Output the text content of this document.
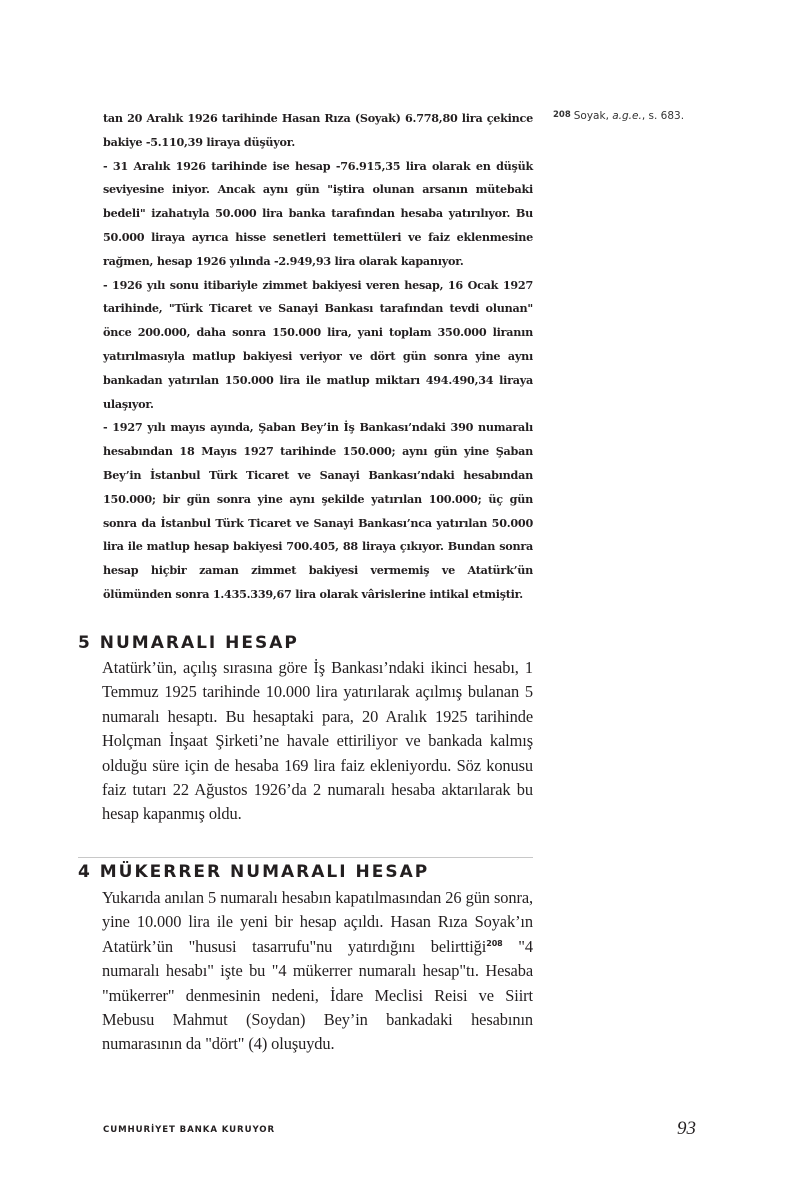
tan 20 Aralık 1926 tarihinde Hasan Rıza (Soyak) 6.778,80 lira çekince bakiye -5.110,39 liraya düşüyor.

- 31 Aralık 1926 tarihinde ise hesap -76.915,35 lira olarak en düşük seviyesine iniyor. Ancak aynı gün "iştira olunan arsanın mütebaki bedeli" izahatıyla 50.000 lira banka tarafından hesaba yatırılıyor. Bu 50.000 liraya ayrıca hisse senetleri temettüleri ve faiz eklenmesine rağmen, hesap 1926 yılında -2.949,93 lira olarak kapanıyor.

- 1926 yılı sonu itibariyle zimmet bakiyesi veren hesap, 16 Ocak 1927 tarihinde, "Türk Ticaret ve Sanayi Bankası tarafından tevdi olunan" önce 200.000, daha sonra 150.000 lira, yani toplam 350.000 liranın yatırılmasıyla matlup bakiyesi veriyor ve dört gün sonra yine aynı bankadan yatırılan 150.000 lira ile matlup miktarı 494.490,34 liraya ulaşıyor.

- 1927 yılı mayıs ayında, Şaban Bey’in İş Bankası’ndaki 390 numaralı hesabından 18 Mayıs 1927 tarihinde 150.000; aynı gün yine Şaban Bey’in İstanbul Türk Ticaret ve Sanayi Bankası’ndaki hesabından 150.000; bir gün sonra yine aynı şekilde yatırılan 100.000; üç gün sonra da İstanbul Türk Ticaret ve Sanayi Bankası’nca yatırılan 50.000 lira ile matlup hesap bakiyesi 700.405, 88 liraya çıkıyor. Bundan sonra hesap hiçbir zaman zimmet bakiyesi vermemiş ve Atatürk’ün ölümünden sonra 1.435.339,67 lira olarak vârislerine intikal etmiştir.

208 Soyak, a.g.e., s. 683.
5 NUMARALI HESAP

Atatürk’ün, açılış sırasına göre İş Bankası’ndaki ikinci hesabı, 1 Temmuz 1925 tarihinde 10.000 lira yatırılarak açılmış bulanan 5 numaralı hesaptı. Bu hesaptaki para, 20 Aralık 1925 tarihinde Holçman İnşaat Şirketi’ne havale ettiriliyor ve bankada kalmış olduğu süre için de hesaba 169 lira faiz ekleniyordu. Söz konusu faiz tutarı 22 Ağustos 1926’da 2 numaralı hesaba aktarılarak bu hesap kapanmış oldu.

4 MÜKERRER NUMARALI HESAP

Yukarıda anılan 5 numaralı hesabın kapatılmasından 26 gün sonra, yine 10.000 lira ile yeni bir hesap açıldı. Hasan Rıza Soyak’ın Atatürk’ün "hususi tasarrufu"nu yatırdığını belirttiği$^{208}$ "4 numaralı hesabı" işte bu "4 mükerrer numaralı hesap"tı. Hesaba "mükerrer" denmesinin nedeni, İdare Meclisi Reisi ve Siirt Mebusu Mahmut (Soydan) Bey’in bankadaki hesabının numarasının da "dört" (4) oluşuydu.

CUMHURİYET BANKA KURUYOR	93
